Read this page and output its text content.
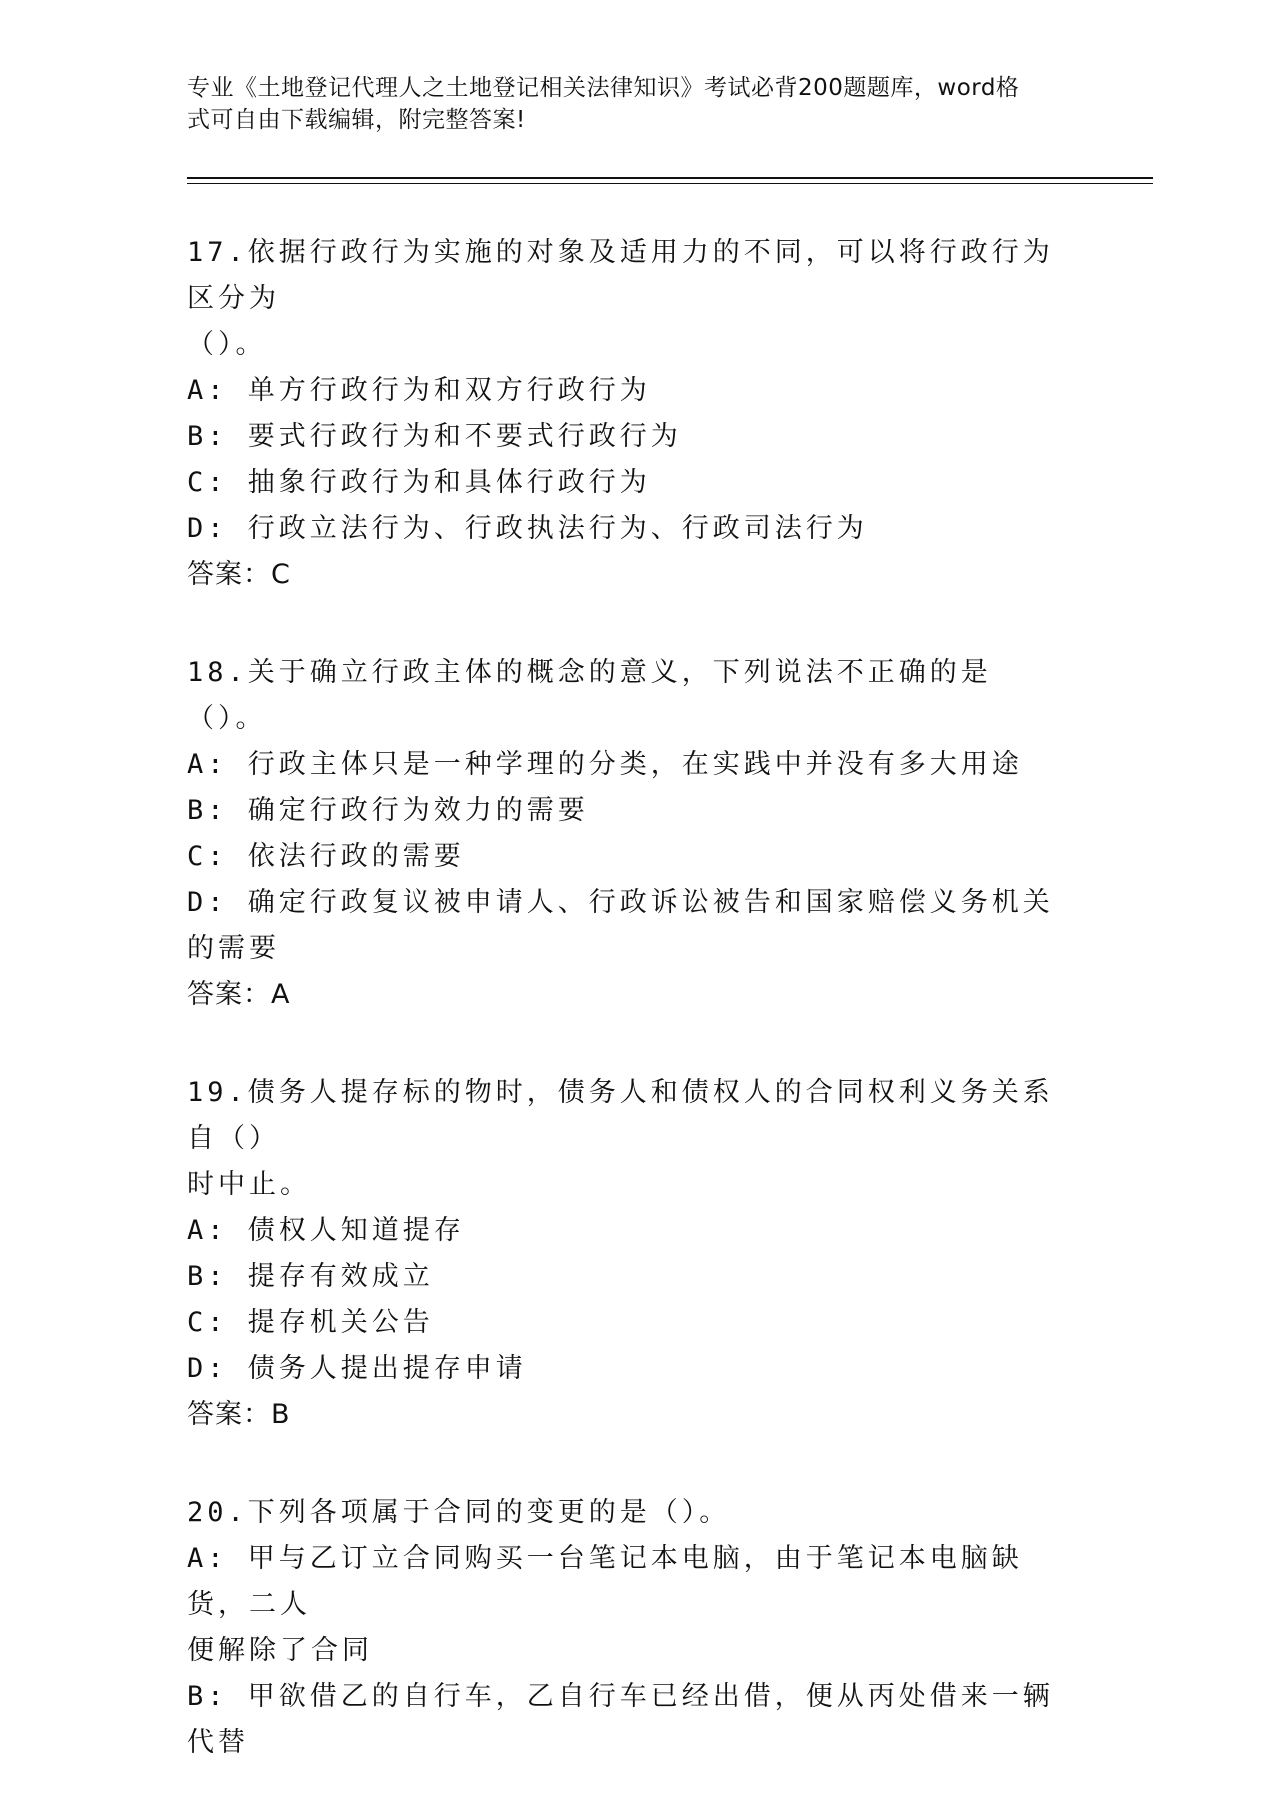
专业《土地登记代理人之土地登记相关法律知识》考试必背200题题库，word格
式可自由下载编辑，附完整答案!
17.依据行政行为实施的对象及适用力的不同，可以将行政行为区分为
（）。
A: 单方行政行为和双方行政行为
B: 要式行政行为和不要式行政行为
C: 抽象行政行为和具体行政行为
D: 行政立法行为、行政执法行为、行政司法行为
答案：C
18.关于确立行政主体的概念的意义，下列说法不正确的是（）。
A: 行政主体只是一种学理的分类，在实践中并没有多大用途
B: 确定行政行为效力的需要
C: 依法行政的需要
D: 确定行政复议被申请人、行政诉讼被告和国家赔偿义务机关的需要
答案：A
19.债务人提存标的物时，债务人和债权人的合同权利义务关系自（）
时中止。
A: 债权人知道提存
B: 提存有效成立
C: 提存机关公告
D: 债务人提出提存申请
答案：B
20.下列各项属于合同的变更的是（）。
A: 甲与乙订立合同购买一台笔记本电脑，由于笔记本电脑缺货，二人
便解除了合同
B: 甲欲借乙的自行车，乙自行车已经出借，便从丙处借来一辆代替
